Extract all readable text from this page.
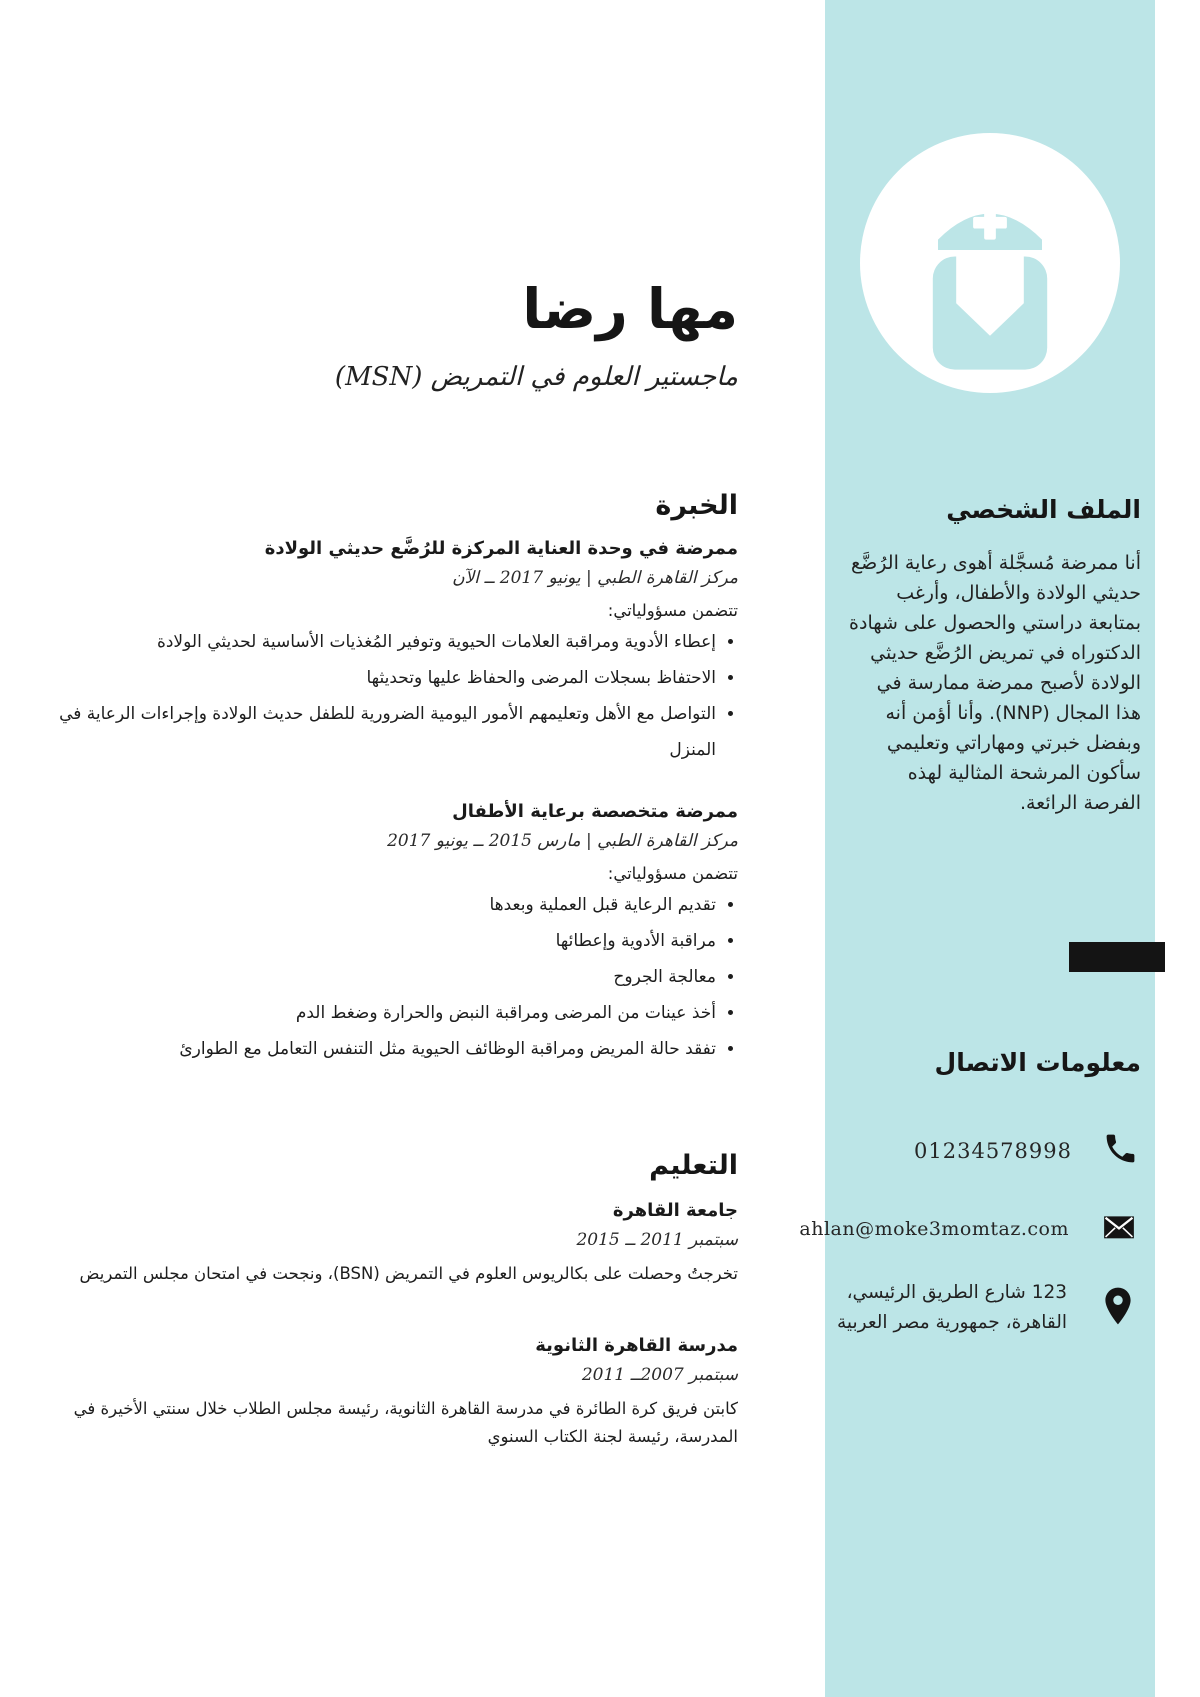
مها رضا
ماجستير العلوم في التمريض (MSN)
الخبرة
ممرضة في وحدة العناية المركزة للرُضَّع حديثي الولادة
مركز القاهرة الطبي | يونيو 2017 ــ الآن
تتضمن مسؤولياتي:
• إعطاء الأدوية ومراقبة العلامات الحيوية وتوفير المُغذيات الأساسية لحديثي الولادة
• الاحتفاظ بسجلات المرضى والحفاظ عليها وتحديثها
• التواصل مع الأهل وتعليمهم الأمور اليومية الضرورية للطفل حديث الولادة وإجراءات الرعاية في المنزل
ممرضة متخصصة برعاية الأطفال
مركز القاهرة الطبي | مارس 2015 ــ يونيو 2017
تتضمن مسؤولياتي:
• تقديم الرعاية قبل العملية وبعدها
• مراقبة الأدوية وإعطائها
• معالجة الجروح
• أخذ عينات من المرضى ومراقبة النبض والحرارة وضغط الدم
• تفقد حالة المريض ومراقبة الوظائف الحيوية مثل التنفس التعامل مع الطوارئ
التعليم
جامعة القاهرة
سبتمبر 2011 ــ 2015
تخرجتُ وحصلت على بكالريوس العلوم في التمريض (BSN)، ونجحت في امتحان مجلس التمريض
مدرسة القاهرة الثانوية
سبتمبر 2007ــ 2011
كابتن فريق كرة الطائرة في مدرسة القاهرة الثانوية، رئيسة مجلس الطلاب خلال سنتي الأخيرة في المدرسة، رئيسة لجنة الكتاب السنوي
الملف الشخصي
أنا ممرضة مُسجَّلة أهوى رعاية الرُضَّع حديثي الولادة والأطفال، وأرغب بمتابعة دراستي والحصول على شهادة الدكتوراه في تمريض الرُضَّع حديثي الولادة لأصبح ممرضة ممارسة في هذا المجال (NNP). وأنا أؤمن أنه وبفضل خبرتي ومهاراتي وتعليمي سأكون المرشحة المثالية لهذه الفرصة الرائعة.
معلومات الاتصال
01234578998
ahlan@moke3momtaz.com
123 شارع الطريق الرئيسي،
القاهرة، جمهورية مصر العربية
